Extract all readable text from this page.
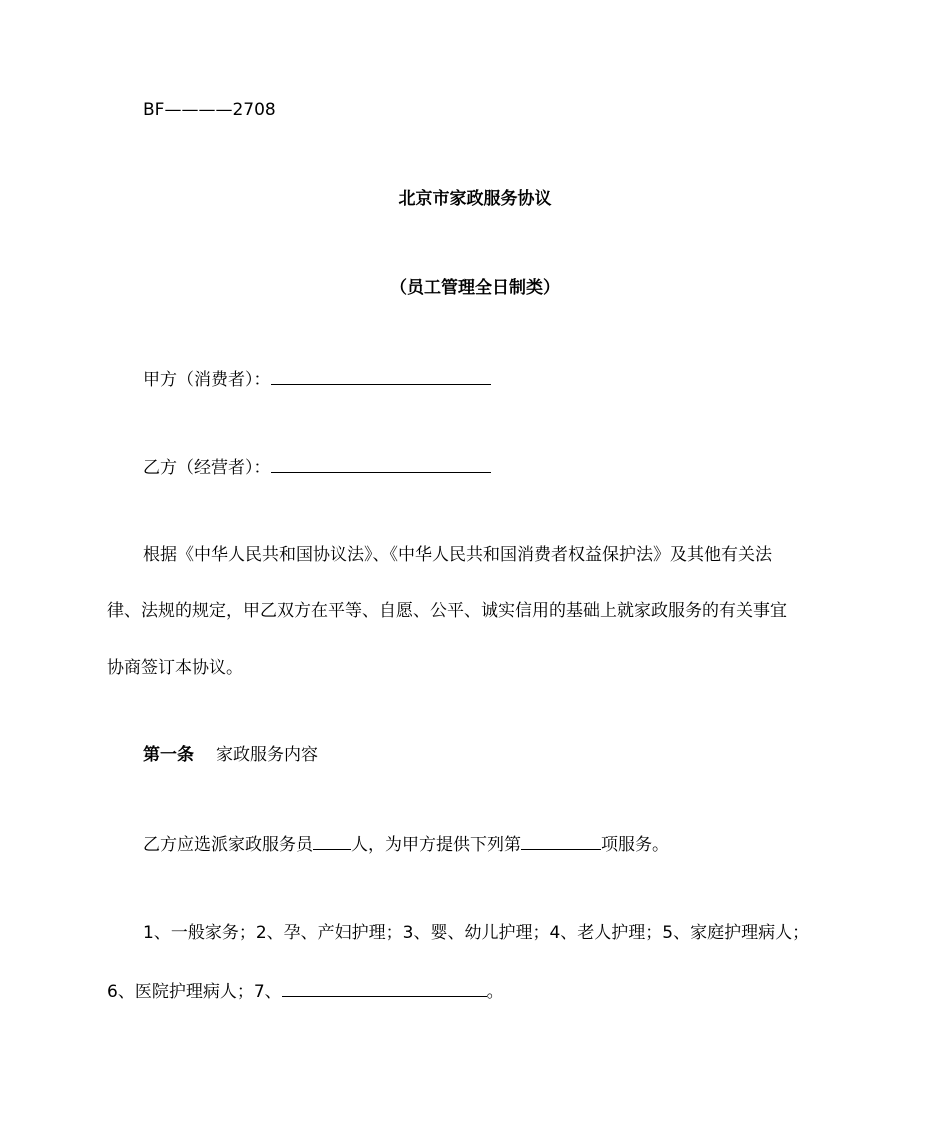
BF————2708
北京市家政服务协议
（员工管理全日制类）
甲方（消费者）：
乙方（经营者）：
根据《中华人民共和国协议法》、《中华人民共和国消费者权益保护法》及其他有关法
律、法规的规定，甲乙双方在平等、自愿、公平、诚实信用的基础上就家政服务的有关事宜
协商签订本协议。
第一条 家政服务内容
乙方应选派家政服务员 人，为甲方提供下列第	项服务。
1、一般家务；2、孕、产妇护理；3、婴、幼儿护理；4、老人护理；5、家庭护理病人；
6、医院护理病人；7、	。
